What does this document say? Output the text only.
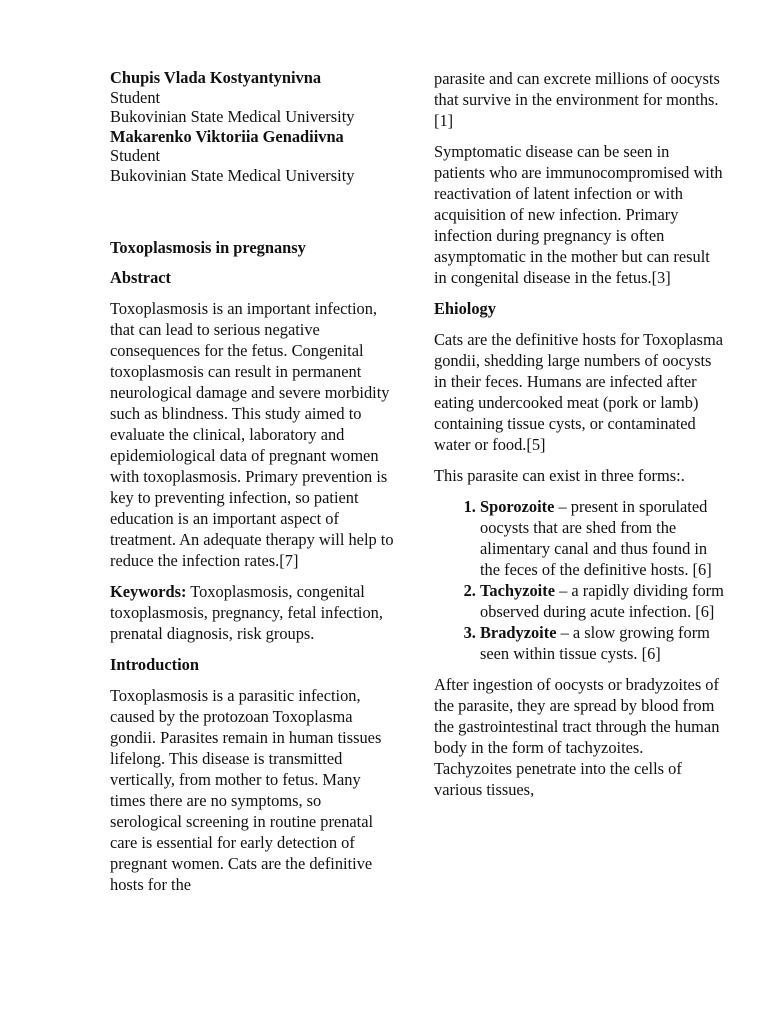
Chupis Vlada Kostyantynivna
Student
Bukovinian State Medical University
Makarenko Viktoriia Genadiivna
Student
Bukovinian State Medical University

Toxoplasmosis in pregnansy

Abstract

Toxoplasmosis is an important infection, that can lead to serious negative consequences for the fetus. Congenital toxoplasmosis can result in permanent neurological damage and severe morbidity such as blindness. This study aimed to evaluate the clinical, laboratory and epidemiological data of pregnant women with toxoplasmosis. Primary prevention is key to preventing infection, so patient education is an important aspect of treatment. An adequate therapy will help to reduce the infection rates.[7]

Keywords: Toxoplasmosis, congenital toxoplasmosis, pregnancy, fetal infection, prenatal diagnosis, risk groups.

Introduction

Toxoplasmosis is a parasitic infection, caused by the protozoan Toxoplasma gondii. Parasites remain in human tissues lifelong. This disease is transmitted vertically, from mother to fetus. Many times there are no symptoms, so serological screening in routine prenatal care is essential for early detection of pregnant women. Cats are the definitive hosts for the

parasite and can excrete millions of oocysts that survive in the environment for months. [1]

Symptomatic disease can be seen in patients who are immunocompromised with reactivation of latent infection or with acquisition of new infection. Primary infection during pregnancy is often asymptomatic in the mother but can result in congenital disease in the fetus.[3]

Ehiology

Cats are the definitive hosts for Toxoplasma gondii, shedding large numbers of oocysts in their feces. Humans are infected after eating undercooked meat (pork or lamb) containing tissue cysts, or contaminated water or food.[5]

This parasite can exist in three forms:.

1. Sporozoite – present in sporulated oocysts that are shed from the alimentary canal and thus found in the feces of the definitive hosts. [6]
2. Tachyzoite – a rapidly dividing form observed during acute infection. [6]
3. Bradyzoite – a slow growing form seen within tissue cysts. [6]

After ingestion of oocysts or bradyzoites of the parasite, they are spread by blood from the gastrointestinal tract through the human body in the form of tachyzoites. Tachyzoites penetrate into the cells of various tissues,
